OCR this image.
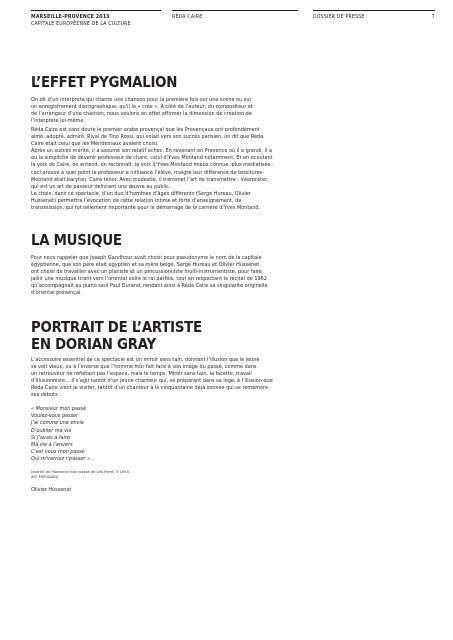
MARSEILLE-PROVENCE 2013
CAPITALE EUROPÉENNE DE LA CULTURE
RÉDA CAIRE	DOSSIER DE PRESSE	7
L’EFFET PYGMALION

On dit d’un interprète qui chante une chanson pour la première fois sur une scène ou sur
un enregistrement discographique, qu’il la « crée ». À côté de l’auteur, du compositeur et
de l’arrangeur d’une chanson, nous voulons en effet affirmer la dimension de création de
l’interprète lui-même.

Réda Caire est sans doute le premier arabe provençal que les Provençaux ont profondément
aimé, adopté, admiré. Rival de Tino Rossi, qui volait vers son succès parisien, on dit que Réda
Caire était celui que les Méridionaux avaient choisi.
Après un succès mérité, il a assumé son relatif échec. En revenant en Provence où il a grandi, il a
eu la simplicité de devenir professeur de chant, celui d’Yves Montand notamment. Et en écoutant
la voix de Caire, on entend, on reconnaît, la voix d’Yves Montand mieux connue, plus médiatisée :
ceci prouve à quel point le professeur a influencé l’élève, malgré leur différence de tessitures-
Montand était baryton, Caire ténor. Avec modestie, il transmet l’art de transmettre : interpréter,
qui est un art de passeur délivrant une œuvre au public.
Le choix, dans ce spectacle, d’un duo d’hommes d’âges différents (Serge Hureau, Olivier
Hussenet) permettra l’évocation de cette relation intime et forte d’enseignement, de
transmission, qui fut tellement importante pour le démarrage de la carrière d’Yves Montand.

LA MUSIQUE

Pour nous rappeler que Joseph Gandhour avait choisi pour pseudonyme le nom de la capitale
égyptienne, que son père était égyptien et sa mère belge, Serge Hureau et Olivier Hussenet
ont choisi de travailler avec un pianiste et un percussionniste multi-instrumentiste, pour faire
jaillir une musique tirant vers l’oriental voire le raï parfois, tout en respectant le récital de 1962
qu’accompagnait au piano seul Paul Durand, rendant ainsi à Réda Caire sa singularité originelle
d’oriental provençal.

PORTRAIT DE L’ARTISTE
EN DORIAN GRAY

L’accessoire essentiel de ce spectacle est un miroir sans tain, donnant l’illusion que le jeune
se voit vieux, ou à l’inverse que l’homme mûr fait face à son image du passé, comme dans
un retrouveur ne reflétant pas l’espace, mais le temps. Miroir sans tain, la facette, travail
d’illusionniste... Il s’agit tantôt d’un jeune chanteur qui, se préparant dans sa loge, à l’illusion que
Réda Caire vient le visiter, tantôt d’un chanteur à la cinquantaine déjà sonnée qui se remémore
ses débuts :

« Monsieur mon passé
Voulez-vous passer
J’ai comme une envie
D’oublier ma vie
Si j’avais à faire
Ma vie à l’envers
C’est vous mon passé
Qui m’verriez r’passer »...

(extrait de Monsieur mon passé de Léo Ferré, ©1955,
éd° MERIDIAN)

Olivier Hussenet
